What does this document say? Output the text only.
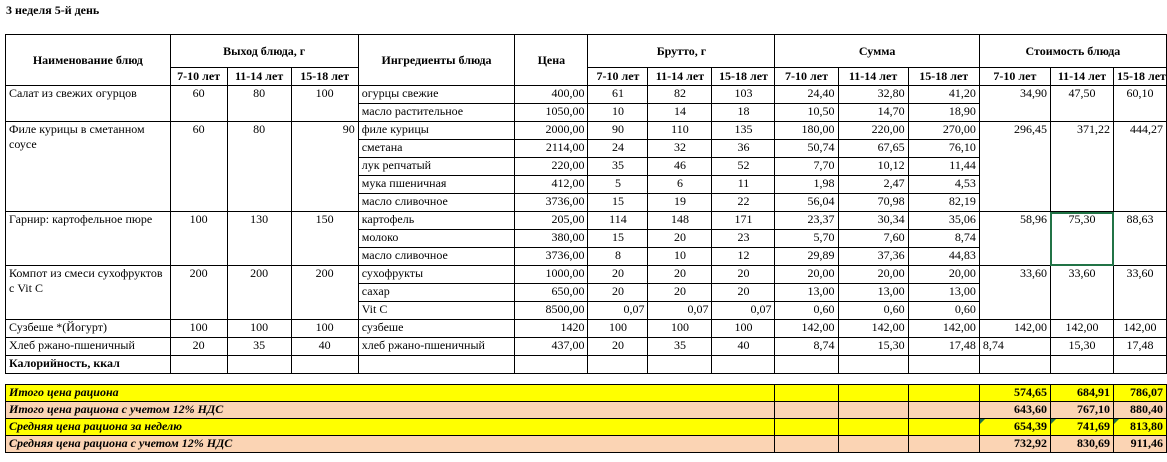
3 неделя 5-й день
Наименование блюд	Выход блюда, г			Ингредиенты блюда	Цена	Брутто, г			Сумма			Стоимость блюда		
	7-10 лет	11-14 лет	15-18 лет			7-10 лет	11-14 лет	15-18 лет	7-10 лет	11-14 лет	15-18 лет	7-10 лет	11-14 лет	15-18 лет
Салат из свежих огурцов	60	80	100	огурцы свежие	400,00	61	82	103	24,40	32,80	41,20	34,90	47,50	60,10
				масло растительное	1050,00	10	14	18	10,50	14,70	18,90			
Филе курицы в сметанном соусе	60	80	90	филе курицы	2000,00	90	110	135	180,00	220,00	270,00	296,45	371,22	444,27
				сметана	2114,00	24	32	36	50,74	67,65	76,10			
				лук репчатый	220,00	35	46	52	7,70	10,12	11,44			
				мука пшеничная	412,00	5	6	11	1,98	2,47	4,53			
				масло сливочное	3736,00	15	19	22	56,04	70,98	82,19			
Гарнир: картофельное пюре	100	130	150	картофель	205,00	114	148	171	23,37	30,34	35,06	58,96	75,30	88,63
				молоко	380,00	15	20	23	5,70	7,60	8,74			
				масло сливочное	3736,00	8	10	12	29,89	37,36	44,83			
Компот из смеси сухофруктов с Vit C	200	200	200	сухофрукты	1000,00	20	20	20	20,00	20,00	20,00	33,60	33,60	33,60
				сахар	650,00	20	20	20	13,00	13,00	13,00			
				Vit C	8500,00	0,07	0,07	0,07	0,60	0,60	0,60			
Сузбеше *(Йогурт)	100	100	100	сузбеше	1420	100	100	100	142,00	142,00	142,00	142,00	142,00	142,00
Хлеб ржано-пшеничный	20	35	40	хлеб ржано-пшеничный	437,00	20	35	40	8,74	15,30	17,48	8,74	15,30	17,48
Калорийность, ккал														

Итого цена рациона												574,65	684,91	786,07
Итого цена рациона с учетом 12% НДС												643,60	767,10	880,40
Средняя цена рациона за неделю												654,39	741,69	813,80
Средняя цена рациона с учетом 12% НДС												732,92	830,69	911,46
